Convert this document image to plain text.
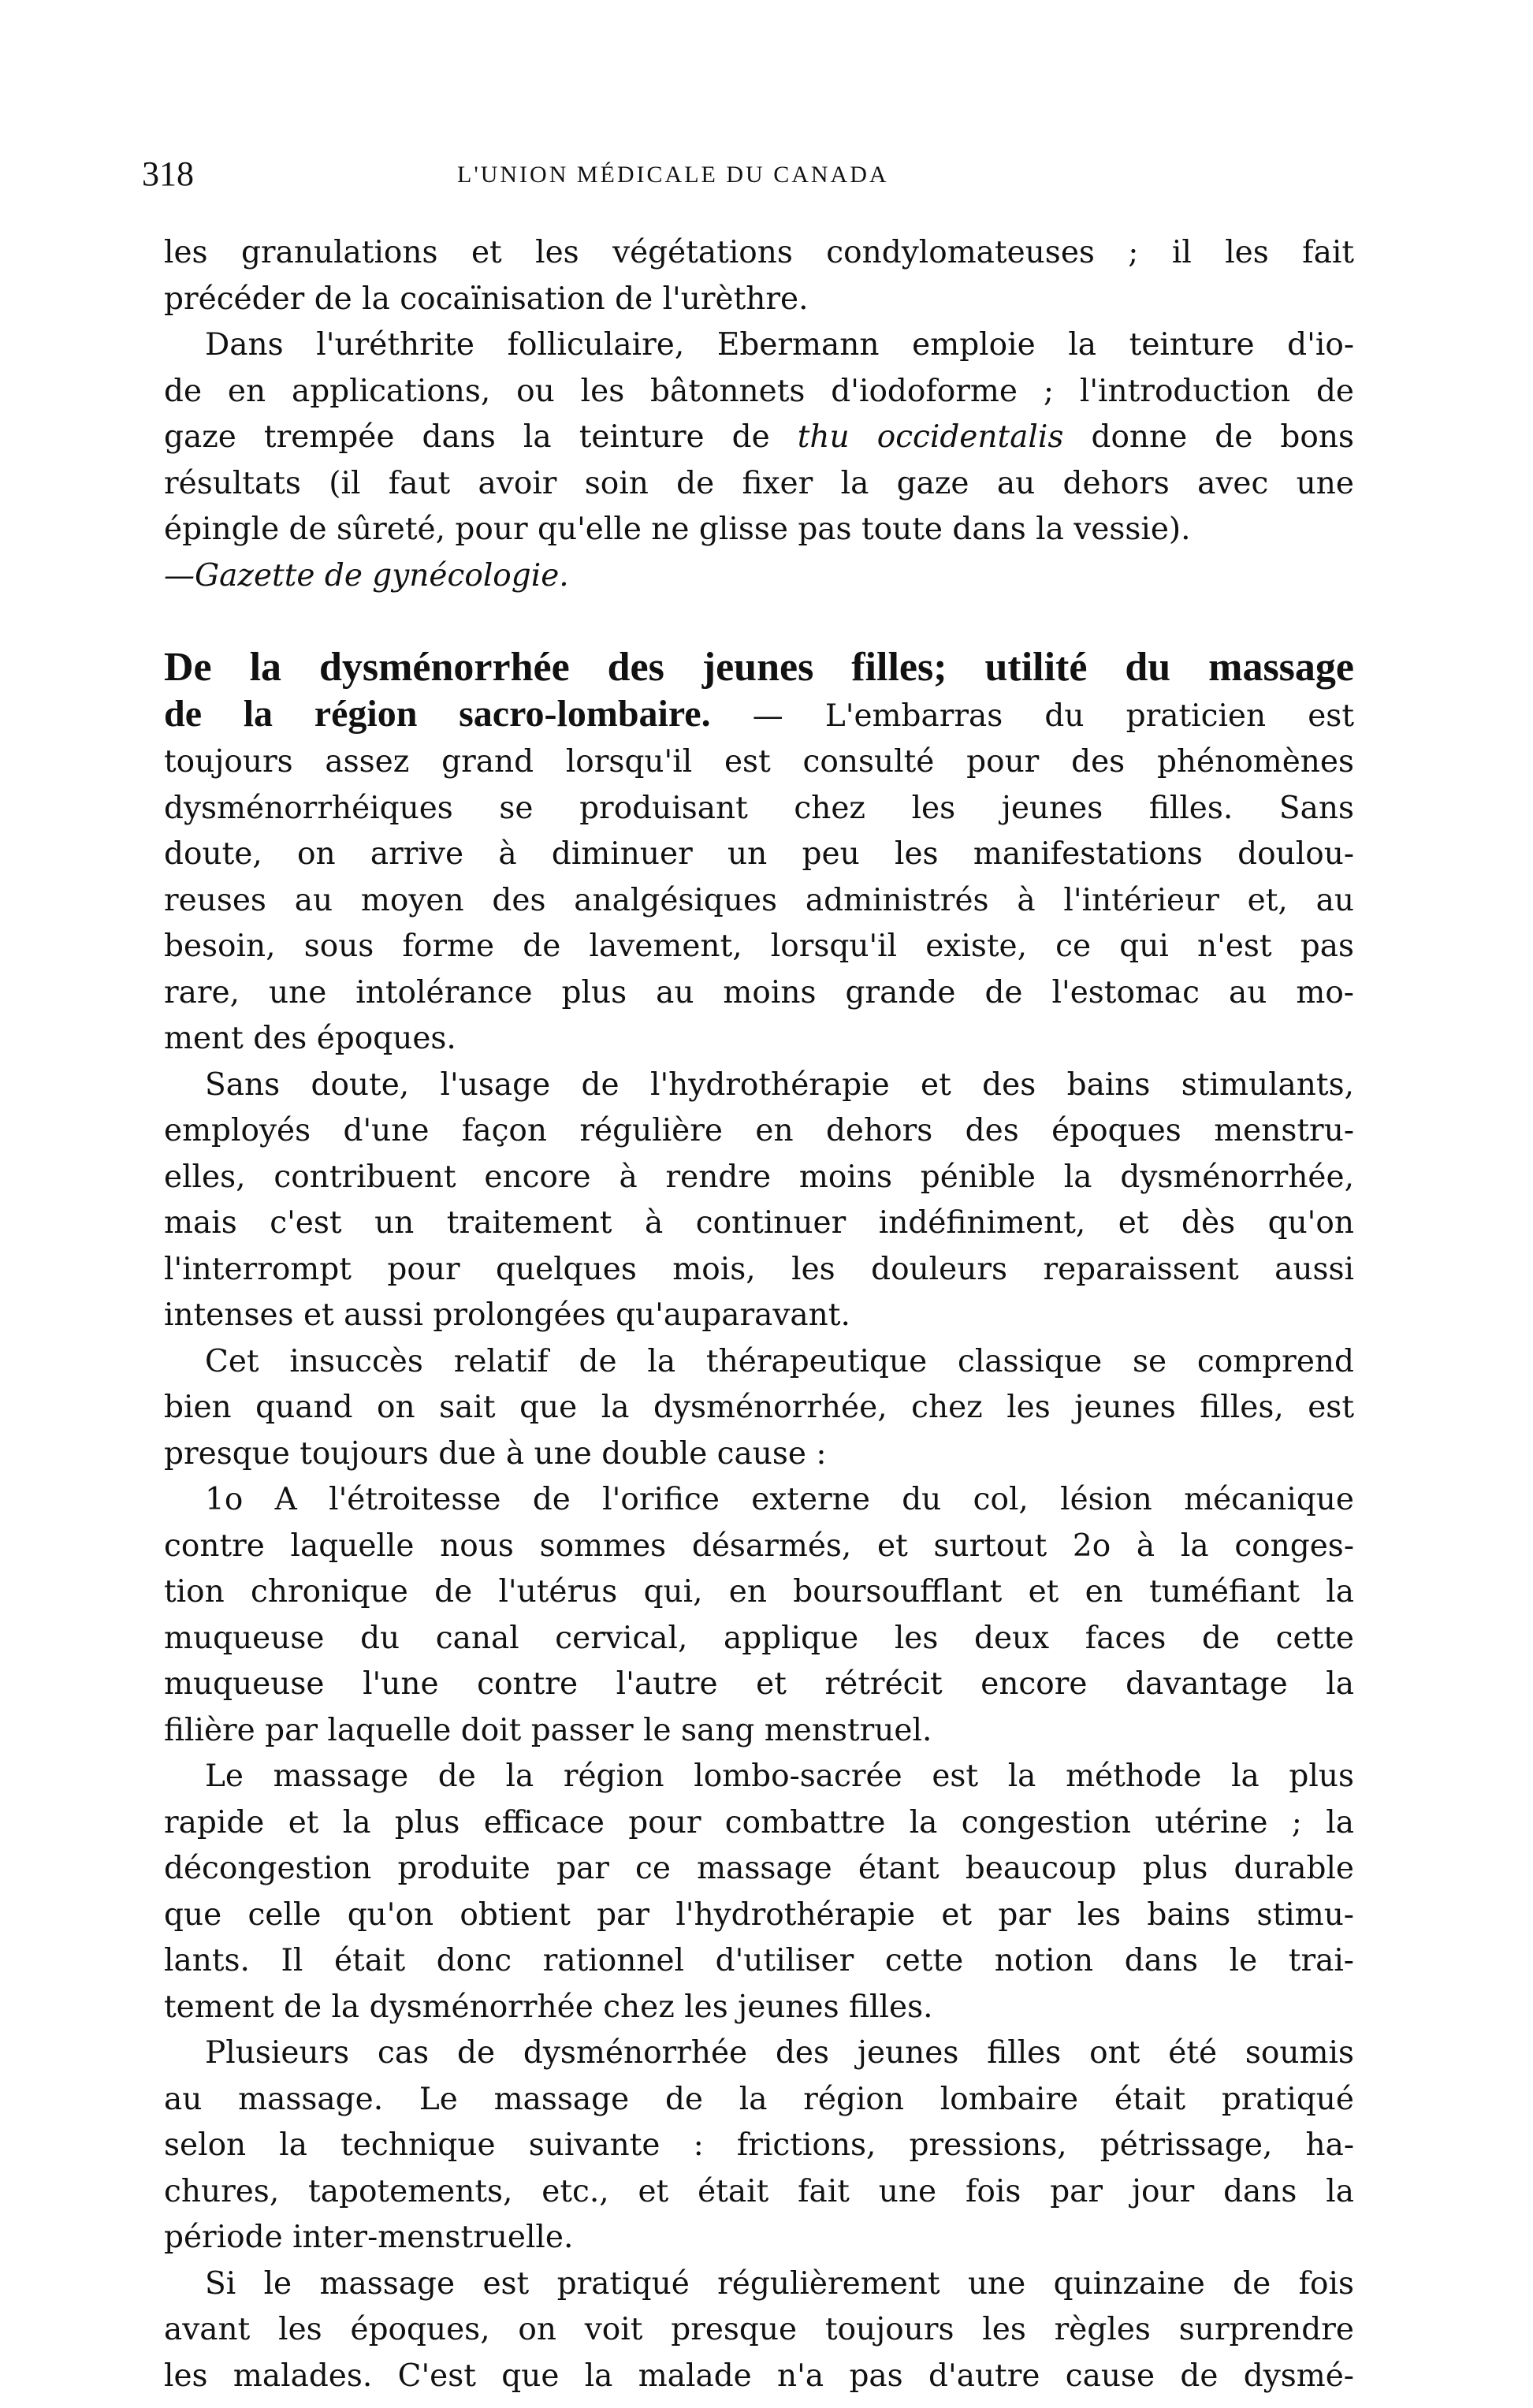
318	L'UNION MÉDICALE DU CANADA
les granulations et les végétations condylomateuses ; il les fait
précéder de la cocaïnisation de l'urèthre.
Dans l'uréthrite folliculaire, Ebermann emploie la teinture d'io-
de en applications, ou les bâtonnets d'iodoforme ; l'introduction de
gaze trempée dans la teinture de thu occidentalis donne de bons
résultats (il faut avoir soin de fixer la gaze au dehors avec une
épingle de sûreté, pour qu'elle ne glisse pas toute dans la vessie).
—Gazette de gynécologie.
De la dysménorrhée des jeunes filles; utilité du massage
de la région sacro-lombaire. — L'embarras du praticien est
toujours assez grand lorsqu'il est consulté pour des phénomènes
dysménorrhéiques se produisant chez les jeunes filles. Sans
doute, on arrive à diminuer un peu les manifestations doulou-
reuses au moyen des analgésiques administrés à l'intérieur et, au
besoin, sous forme de lavement, lorsqu'il existe, ce qui n'est pas
rare, une intolérance plus au moins grande de l'estomac au mo-
ment des époques.
Sans doute, l'usage de l'hydrothérapie et des bains stimulants,
employés d'une façon régulière en dehors des époques menstru-
elles, contribuent encore à rendre moins pénible la dysménorrhée,
mais c'est un traitement à continuer indéfiniment, et dès qu'on
l'interrompt pour quelques mois, les douleurs reparaissent aussi
intenses et aussi prolongées qu'auparavant.
Cet insuccès relatif de la thérapeutique classique se comprend
bien quand on sait que la dysménorrhée, chez les jeunes filles, est
presque toujours due à une double cause :
1o A l'étroitesse de l'orifice externe du col, lésion mécanique
contre laquelle nous sommes désarmés, et surtout 2o à la conges-
tion chronique de l'utérus qui, en boursoufflant et en tuméfiant la
muqueuse du canal cervical, applique les deux faces de cette
muqueuse l'une contre l'autre et rétrécit encore davantage la
filière par laquelle doit passer le sang menstruel.
Le massage de la région lombo-sacrée est la méthode la plus
rapide et la plus efficace pour combattre la congestion utérine ; la
décongestion produite par ce massage étant beaucoup plus durable
que celle qu'on obtient par l'hydrothérapie et par les bains stimu-
lants. Il était donc rationnel d'utiliser cette notion dans le trai-
tement de la dysménorrhée chez les jeunes filles.
Plusieurs cas de dysménorrhée des jeunes filles ont été soumis
au massage. Le massage de la région lombaire était pratiqué
selon la technique suivante : frictions, pressions, pétrissage, ha-
chures, tapotements, etc., et était fait une fois par jour dans la
période inter-menstruelle.
Si le massage est pratiqué régulièrement une quinzaine de fois
avant les époques, on voit presque toujours les règles surprendre
les malades. C'est que la malade n'a pas d'autre cause de dysmé-
